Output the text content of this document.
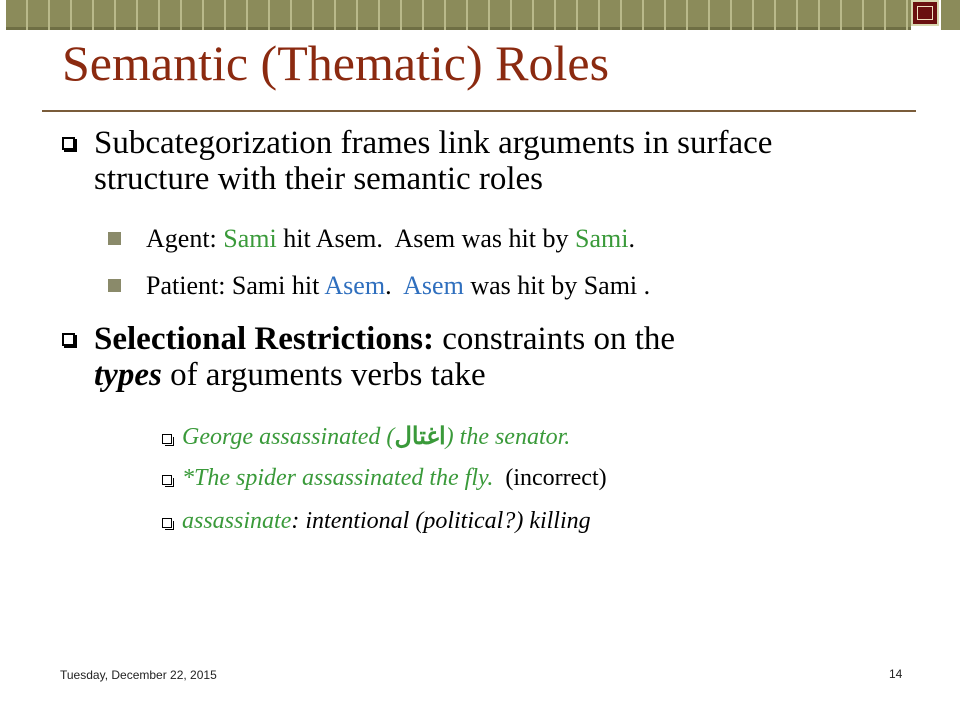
Semantic (Thematic) Roles
Subcategorization frames link arguments in surface structure with their semantic roles
Agent: Sami hit Asem.  Asem was hit by Sami.
Patient: Sami hit Asem.  Asem was hit by Sami .
Selectional Restrictions: constraints on the
types of arguments verbs take
George assassinated (اغتال) the senator.
*The spider assassinated the fly.  (incorrect)
assassinate: intentional (political?) killing
Tuesday, December 22, 2015	14
